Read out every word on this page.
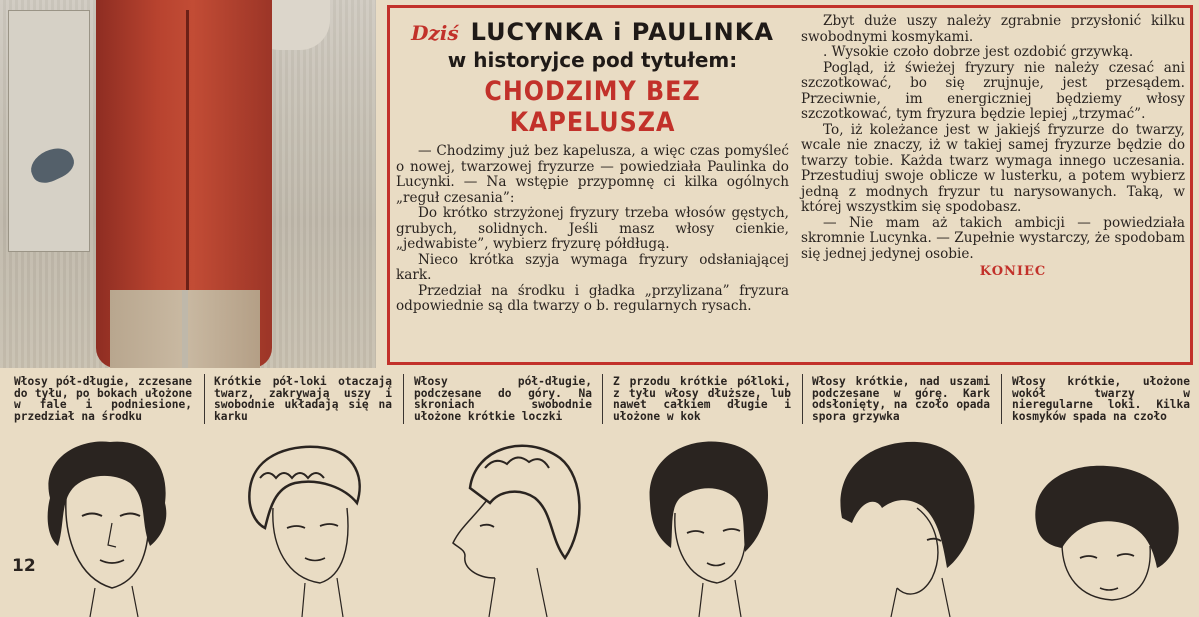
Dziś LUCYNKA i PAULINKA
w historyjce pod tytułem:
CHODZIMY BEZ KAPELUSZA

— Chodzimy już bez kapelusza, a więc czas pomyśleć o nowej, twarzowej fryzurze — powiedziała Paulinka do Lucynki. — Na wstępie przypomnę ci kilka ogólnych „reguł czesania”:

Do krótko strzyżonej fryzury trzeba włosów gęstych, grubych, solidnych. Jeśli masz włosy cienkie, „jedwabiste”, wybierz fryzurę półdługą.

Nieco krótka szyja wymaga fryzury odsłaniającej kark.

Przedział na środku i gładka „przylizana” fryzura odpowiednie są dla twarzy o b. regularnych rysach.

Zbyt duże uszy należy zgrabnie przysłonić kilku swobodnymi kosmykami.

. Wysokie czoło dobrze jest ozdobić grzywką.

Pogląd, iż świeżej fryzury nie należy czesać ani szczotkować, bo się zrujnuje, jest przesądem. Przeciwnie, im energiczniej będziemy włosy szczotkować, tym fryzura będzie lepiej „trzymać”.

To, iż koleżance jest w jakiejś fryzurze do twarzy, wcale nie znaczy, iż w takiej samej fryzurze będzie do twarzy tobie. Każda twarz wymaga innego uczesania. Przestudiuj swoje oblicze w lusterku, a potem wybierz jedną z modnych fryzur tu narysowanych. Taką, w której wszystkim się spodobasz.

— Nie mam aż takich ambicji — powiedziała skromnie Lucynka. — Zupełnie wystarczy, że spodobam się jednej jedynej osobie.

KONIEC
Włosy pół-długie, zczesane do tyłu, po bokach ułożone w fale i podniesione, przedział na środku
Krótkie pół-loki otaczają twarz, zakrywają uszy i swobodnie układają się na karku
Włosy pół-długie, podczesane do góry. Na skroniach swobodnie ułożone krótkie loczki
Z przodu krótkie półloki, z tyłu włosy dłuższe, lub nawet całkiem długie i ułożone w kok
Włosy krótkie, nad uszami podczesane w górę. Kark odsłonięty, na czoło opada spora grzywka
Włosy krótkie, ułożone wokół twarzy w nieregularne loki. Kilka kosmyków spada na czoło
12
